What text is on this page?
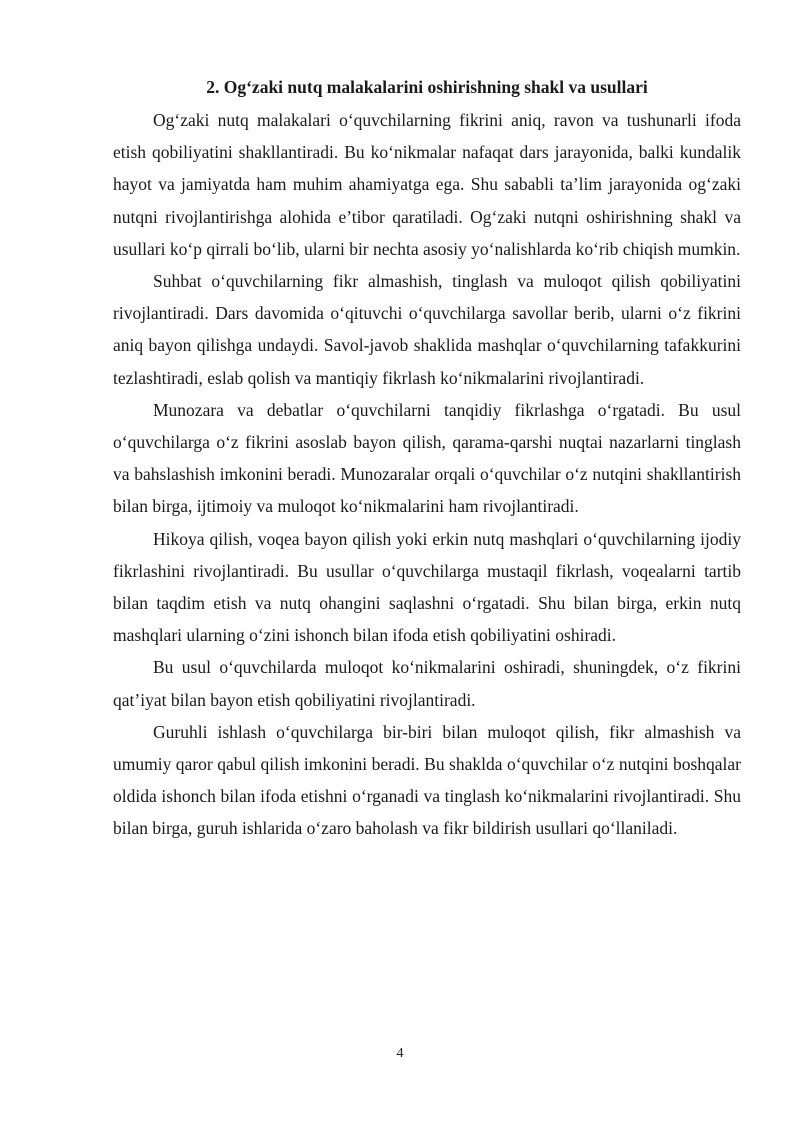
2. Og‘zaki nutq malakalarini oshirishning shakl va usullari

Og‘zaki nutq malakalari o‘quvchilarning fikrini aniq, ravon va tushunarli ifoda etish qobiliyatini shakllantiradi. Bu ko‘nikmalar nafaqat dars jarayonida, balki kundalik hayot va jamiyatda ham muhim ahamiyatga ega. Shu sababli ta’lim jarayonida og‘zaki nutqni rivojlantirishga alohida e’tibor qaratiladi. Og‘zaki nutqni oshirishning shakl va usullari ko‘p qirrali bo‘lib, ularni bir nechta asosiy yo‘nalishlarda ko‘rib chiqish mumkin.

Suhbat o‘quvchilarning fikr almashish, tinglash va muloqot qilish qobiliyatini rivojlantiradi. Dars davomida o‘qituvchi o‘quvchilarga savollar berib, ularni o‘z fikrini aniq bayon qilishga undaydi. Savol-javob shaklida mashqlar o‘quvchilarning tafakkurini tezlashtiradi, eslab qolish va mantiqiy fikrlash ko‘nikmalarini rivojlantiradi.

Munozara va debatlar o‘quvchilarni tanqidiy fikrlashga o‘rgatadi. Bu usul o‘quvchilarga o‘z fikrini asoslab bayon qilish, qarama-qarshi nuqtai nazarlarni tinglash va bahslashish imkonini beradi. Munozaralar orqali o‘quvchilar o‘z nutqini shakllantirish bilan birga, ijtimoiy va muloqot ko‘nikmalarini ham rivojlantiradi.

Hikoya qilish, voqea bayon qilish yoki erkin nutq mashqlari o‘quvchilarning ijodiy fikrlashini rivojlantiradi. Bu usullar o‘quvchilarga mustaqil fikrlash, voqealarni tartib bilan taqdim etish va nutq ohangini saqlashni o‘rgatadi. Shu bilan birga, erkin nutq mashqlari ularning o‘zini ishonch bilan ifoda etish qobiliyatini oshiradi.

Bu usul o‘quvchilarda muloqot ko‘nikmalarini oshiradi, shuningdek, o‘z fikrini qat’iyat bilan bayon etish qobiliyatini rivojlantiradi.

Guruhli ishlash o‘quvchilarga bir-biri bilan muloqot qilish, fikr almashish va umumiy qaror qabul qilish imkonini beradi. Bu shaklda o‘quvchilar o‘z nutqini boshqalar oldida ishonch bilan ifoda etishni o‘rganadi va tinglash ko‘nikmalarini rivojlantiradi. Shu bilan birga, guruh ishlarida o‘zaro baholash va fikr bildirish usullari qo‘llaniladi.

4
